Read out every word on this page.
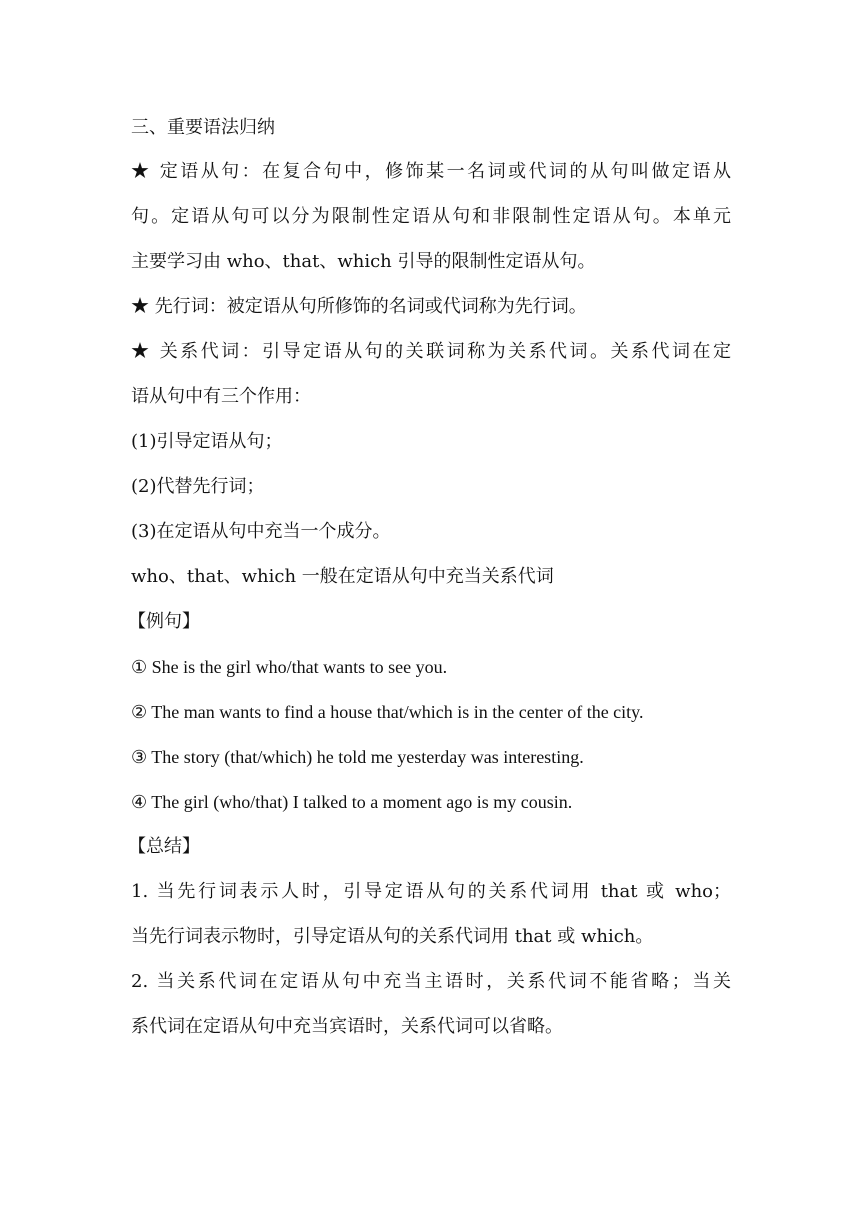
三、重要语法归纳
★ 定语从句：在复合句中，修饰某一名词或代词的从句叫做定语从
句。定语从句可以分为限制性定语从句和非限制性定语从句。本单元
主要学习由 who、that、which 引导的限制性定语从句。
★ 先行词：被定语从句所修饰的名词或代词称为先行词。
★ 关系代词：引导定语从句的关联词称为关系代词。关系代词在定
语从句中有三个作用：
(1)引导定语从句；
(2)代替先行词；
(3)在定语从句中充当一个成分。
who、that、which 一般在定语从句中充当关系代词
【例句】
① She is the girl who/that wants to see you.
② The man wants to find a house that/which is in the center of the city.
③ The story (that/which) he told me yesterday was interesting.
④ The girl (who/that) I talked to a moment ago is my cousin.
【总结】
1. 当先行词表示人时，引导定语从句的关系代词用 that 或 who；
当先行词表示物时，引导定语从句的关系代词用 that 或 which。
2. 当关系代词在定语从句中充当主语时，关系代词不能省略；当关
系代词在定语从句中充当宾语时，关系代词可以省略。
